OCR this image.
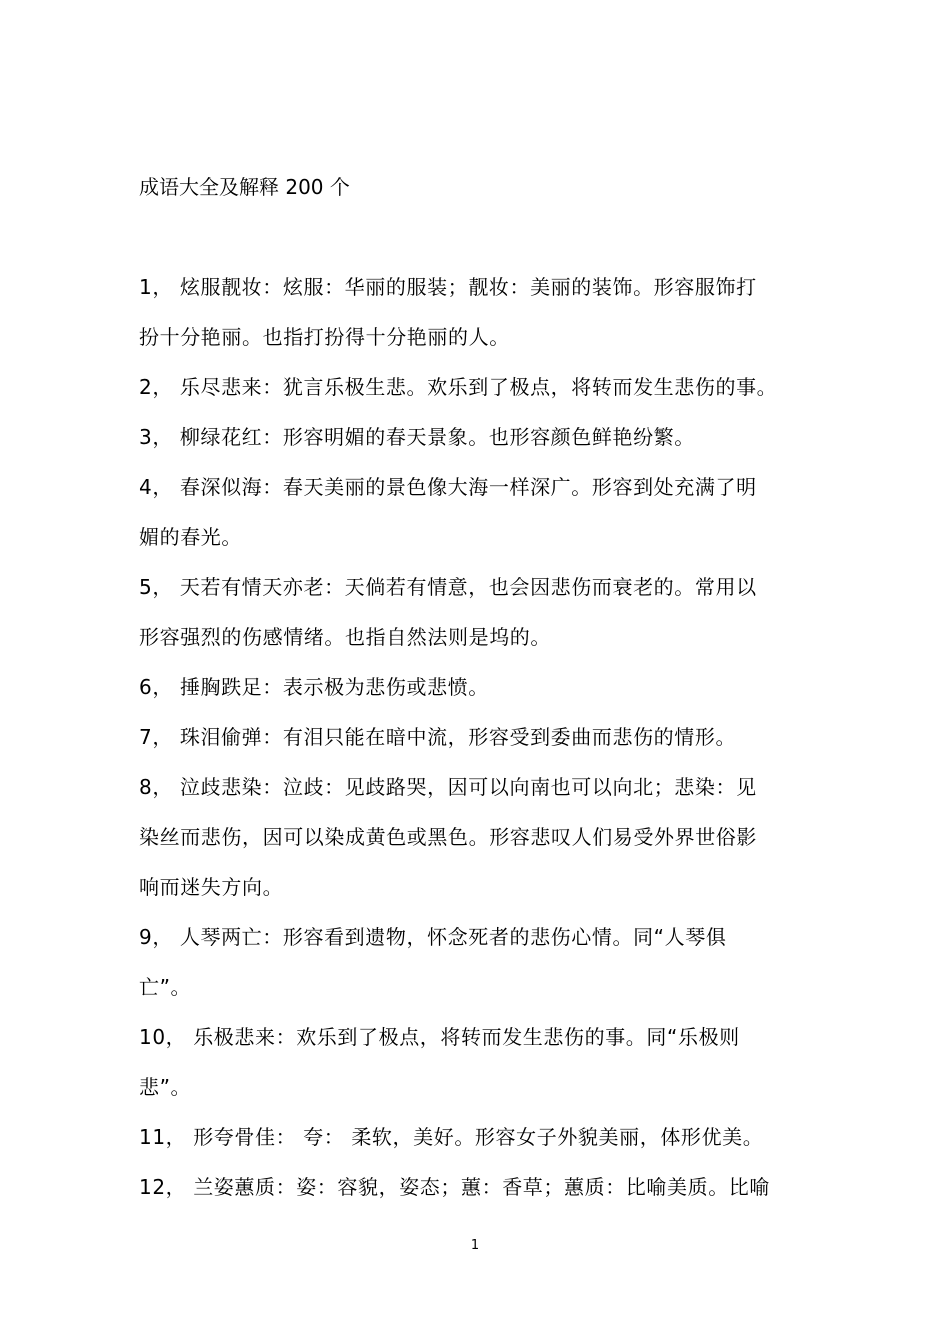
成语大全及解释 200 个
1， 炫服靓妆：炫服：华丽的服装；靓妆：美丽的装饰。形容服饰打
扮十分艳丽。也指打扮得十分艳丽的人。
2， 乐尽悲来：犹言乐极生悲。欢乐到了极点，将转而发生悲伤的事。
3， 柳绿花红：形容明媚的春天景象。也形容颜色鲜艳纷繁。
4， 春深似海：春天美丽的景色像大海一样深广。形容到处充满了明
媚的春光。
5， 天若有情天亦老：天倘若有情意，也会因悲伤而衰老的。常用以
形容强烈的伤感情绪。也指自然法则是坞的。
6， 捶胸跌足：表示极为悲伤或悲愤。
7， 珠泪偷弹：有泪只能在暗中流，形容受到委曲而悲伤的情形。
8， 泣歧悲染：泣歧：见歧路哭，因可以向南也可以向北；悲染：见
染丝而悲伤，因可以染成黄色或黑色。形容悲叹人们易受外界世俗影
响而迷失方向。
9， 人琴两亡：形容看到遗物，怀念死者的悲伤心情。同“人琴俱
亡”。
10， 乐极悲来：欢乐到了极点，将转而发生悲伤的事。同“乐极则
悲”。
11， 形夸骨佳： 夸： 柔软，美好。形容女子外貌美丽，体形优美。
12， 兰姿蕙质：姿：容貌，姿态；蕙：香草；蕙质：比喻美质。比喻
1
